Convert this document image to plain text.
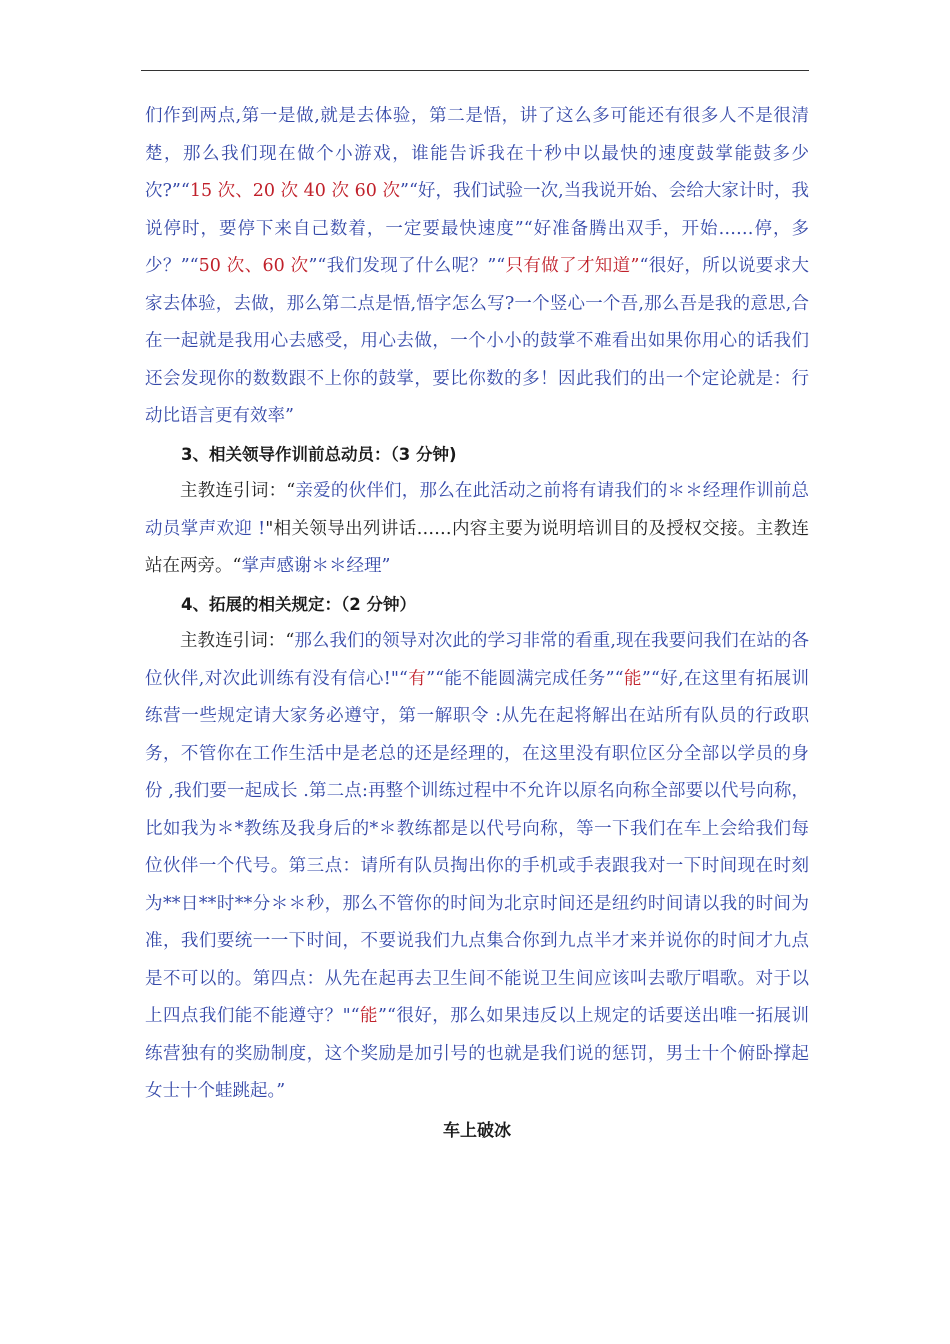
们作到两点,第一是做,就是去体验，第二是悟，讲了这么多可能还有很多人不是很清楚，那么我们现在做个小游戏，谁能告诉我在十秒中以最快的速度鼓掌能鼓多少次?”“15 次、20 次 40 次 60 次”“好，我们试验一次,当我说开始、会给大家计时，我说停时，要停下来自己数着，一定要最快速度”“好准备腾出双手，开始……停，多少？”“50 次、60 次”“我们发现了什么呢？”“只有做了才知道”“很好，所以说要求大家去体验，去做，那么第二点是悟,悟字怎么写?一个竖心一个吾,那么吾是我的意思,合在一起就是我用心去感受，用心去做，一个小小的鼓掌不难看出如果你用心的话我们还会发现你的数数跟不上你的鼓掌，要比你数的多！因此我们的出一个定论就是：行动比语言更有效率”

3、相关领导作训前总动员：（3 分钟)

主教连引词：“亲爱的伙伴们，那么在此活动之前将有请我们的＊＊经理作训前总动员掌声欢迎 !"相关领导出列讲话……内容主要为说明培训目的及授权交接。主教连站在两旁。“掌声感谢＊＊经理”

4、拓展的相关规定：（2 分钟）

主教连引词：“那么我们的领导对次此的学习非常的看重,现在我要问我们在站的各位伙伴,对次此训练有没有信心!"“有”“能不能圆满完成任务”“能”“好,在这里有拓展训练营一些规定请大家务必遵守，第一解职令 :从先在起将解出在站所有队员的行政职务，不管你在工作生活中是老总的还是经理的，在这里没有职位区分全部以学员的身份 ,我们要一起成长 .第二点:再整个训练过程中不允许以原名向称全部要以代号向称，比如我为＊*教练及我身后的*＊教练都是以代号向称，等一下我们在车上会给我们每位伙伴一个代号。第三点：请所有队员掏出你的手机或手表跟我对一下时间现在时刻为**日**时**分＊＊秒，那么不管你的时间为北京时间还是纽约时间请以我的时间为准，我们要统一一下时间，不要说我们九点集合你到九点半才来并说你的时间才九点是不可以的。第四点：从先在起再去卫生间不能说卫生间应该叫去歌厅唱歌。对于以上四点我们能不能遵守？"“能”“很好，那么如果违反以上规定的话要送出唯一拓展训练营独有的奖励制度，这个奖励是加引号的也就是我们说的惩罚，男士十个俯卧撑起女士十个蛙跳起。”

车上破冰
